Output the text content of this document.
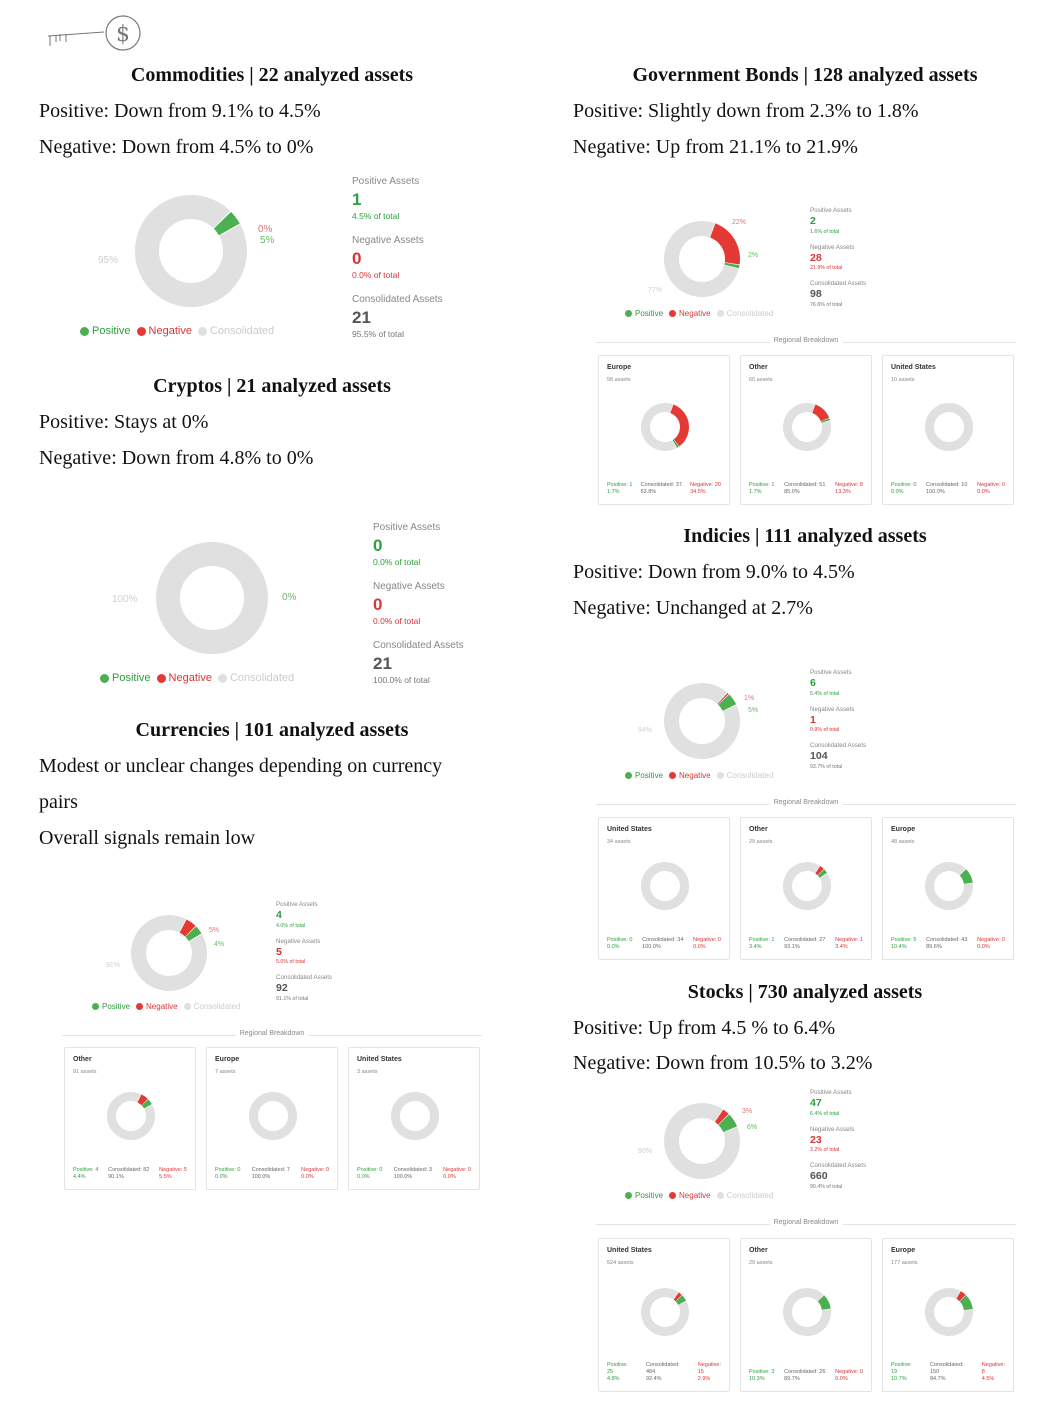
$
Commodities | 22 analyzed assets
Positive: Down from 9.1% to 4.5%
Negative: Down from 4.5% to 0%
Cryptos | 21 analyzed assets
Positive: Stays at 0%
Negative: Down from 4.8% to 0%
Currencies | 101 analyzed assets
Modest or unclear changes depending on currency
pairs
Overall signals remain low
Government Bonds | 128 analyzed assets
Positive: Slightly down from 2.3% to 1.8%
Negative: Up from 21.1% to 21.9%
Indicies | 111 analyzed assets
Positive: Down from 9.0% to 4.5%
Negative: Unchanged at 2.7%
Stocks | 730 analyzed assets
Positive: Up from 4.5 % to 6.4%
Negative: Down from 10.5% to 3.2%
0%
5%
95%
Positive Negative Consolidated
Positive Assets
1
4.5% of total
Negative Assets
0
0.0% of total
Consolidated Assets
21
95.5% of total
0%
100%
Positive Negative Consolidated
Positive Assets
0
0.0% of total
Negative Assets
0
0.0% of total
Consolidated Assets
21
100.0% of total
5%
4%
91%
Positive Negative Consolidated
Positive Assets
4
4.0% of total
Negative Assets
5
5.0% of total
Consolidated Assets
92
91.1% of total
Regional Breakdown
Other
91 assets
Positive: 4
4.4%
Consolidated: 82
90.1%
Negative: 5
5.5%
Europe
7 assets
Positive: 0
0.0%
Consolidated: 7
100.0%
Negative: 0
0.0%
United States
3 assets
Positive: 0
0.0%
Consolidated: 3
100.0%
Negative: 0
0.0%
22%
2%
77%
Positive Negative Consolidated
Positive Assets
2
1.6% of total
Negative Assets
28
21.9% of total
Consolidated Assets
98
76.6% of total
Regional Breakdown
Europe
58 assets
Positive: 1
1.7%
Consolidated: 37
63.8%
Negative: 20
34.5%
Other
60 assets
Positive: 1
1.7%
Consolidated: 51
85.0%
Negative: 8
13.3%
United States
10 assets
Positive: 0
0.0%
Consolidated: 10
100.0%
Negative: 0
0.0%
1%
5%
94%
Positive Negative Consolidated
Positive Assets
6
5.4% of total
Negative Assets
1
0.9% of total
Consolidated Assets
104
93.7% of total
Regional Breakdown
United States
34 assets
Positive: 0
0.0%
Consolidated: 34
100.0%
Negative: 0
0.0%
Other
29 assets
Positive: 1
3.4%
Consolidated: 27
93.1%
Negative: 1
3.4%
Europe
48 assets
Positive: 5
10.4%
Consolidated: 43
89.6%
Negative: 0
0.0%
3%
6%
90%
Positive Negative Consolidated
Positive Assets
47
6.4% of total
Negative Assets
23
3.2% of total
Consolidated Assets
660
90.4% of total
Regional Breakdown
United States
524 assets
Positive:
25
4.8%
Consolidated:
484
92.4%
Negative:
15
2.9%
Other
29 assets
Positive: 3
10.3%
Consolidated: 26
89.7%
Negative: 0
0.0%
Europe
177 assets
Positive:
19
10.7%
Consolidated:
150
84.7%
Negative:
8
4.5%
